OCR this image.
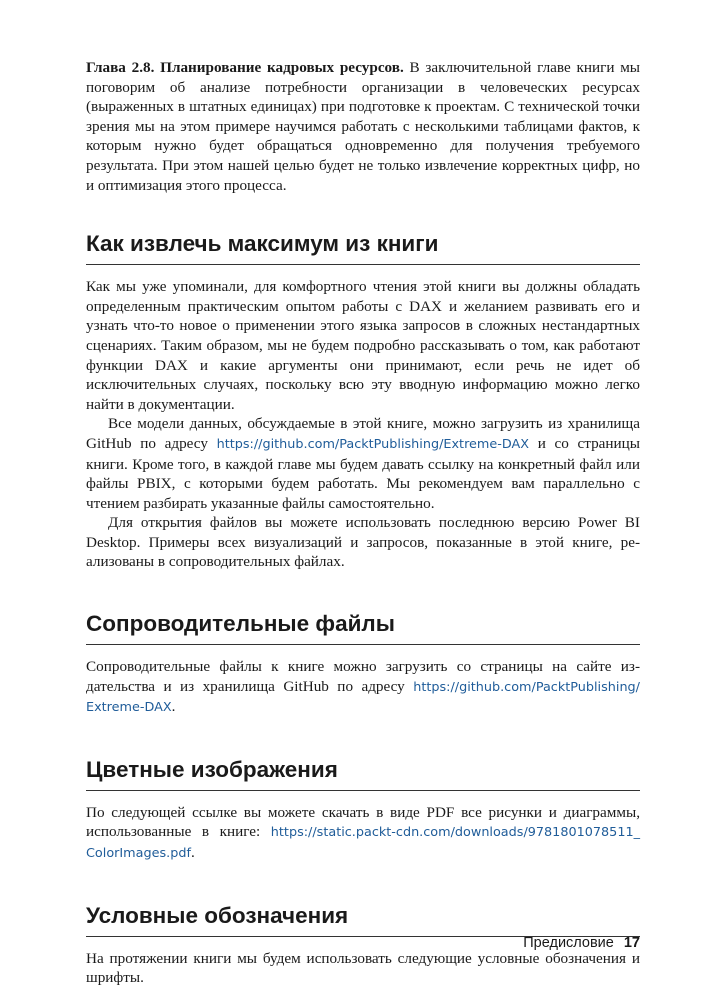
Глава 2.8. Планирование кадровых ресурсов. В заключительной главе книги мы поговорим об анализе потребности организации в человеческих ресурсах (выраженных в штатных единицах) при подготовке к проектам. С технической точки зрения мы на этом примере научимся работать с несколькими таблицами фактов, к которым нужно будет обращаться одновременно для получения требуемого результата. При этом нашей целью будет не только извлечение корректных цифр, но и оптимизация этого процесса.

Как извлечь максимум из книги

Как мы уже упоминали, для комфортного чтения этой книги вы должны обладать определенным практическим опытом работы с DAX и желанием развивать его и узнать что-то новое о применении этого языка запросов в сложных нестандартных сценариях. Таким образом, мы не будем подробно рассказывать о том, как работают функции DAX и какие аргументы они принимают, если речь не идет об исключительных случаях, поскольку всю эту вводную информацию можно легко найти в документации.

Все модели данных, обсуждаемые в этой книге, можно загрузить из хранилища GitHub по адресу https://github.com/PacktPublishing/Extreme-DAX и со страницы книги. Кроме того, в каждой главе мы будем давать ссылку на конкретный файл или файлы PBIX, с которыми будем работать. Мы рекомендуем вам параллельно с чтением разбирать указанные файлы самостоятельно.

Для открытия файлов вы можете использовать последнюю версию Power BI Desktop. Примеры всех визуализаций и запросов, показанные в этой книге, реализованы в сопроводительных файлах.

Сопроводительные файлы

Сопроводительные файлы к книге можно загрузить со страницы на сайте издательства и из хранилища GitHub по адресу https://github.com/PacktPublishing/​Extreme-DAX.

Цветные изображения

По следующей ссылке вы можете скачать в виде PDF все рисунки и диаграммы, использованные в книге: https://static.packt-cdn.com/downloads/9781801078511_​ColorImages.pdf.

Условные обозначения

На протяжении книги мы будем использовать следующие условные обозначения и шрифты.

Предисловие 17
